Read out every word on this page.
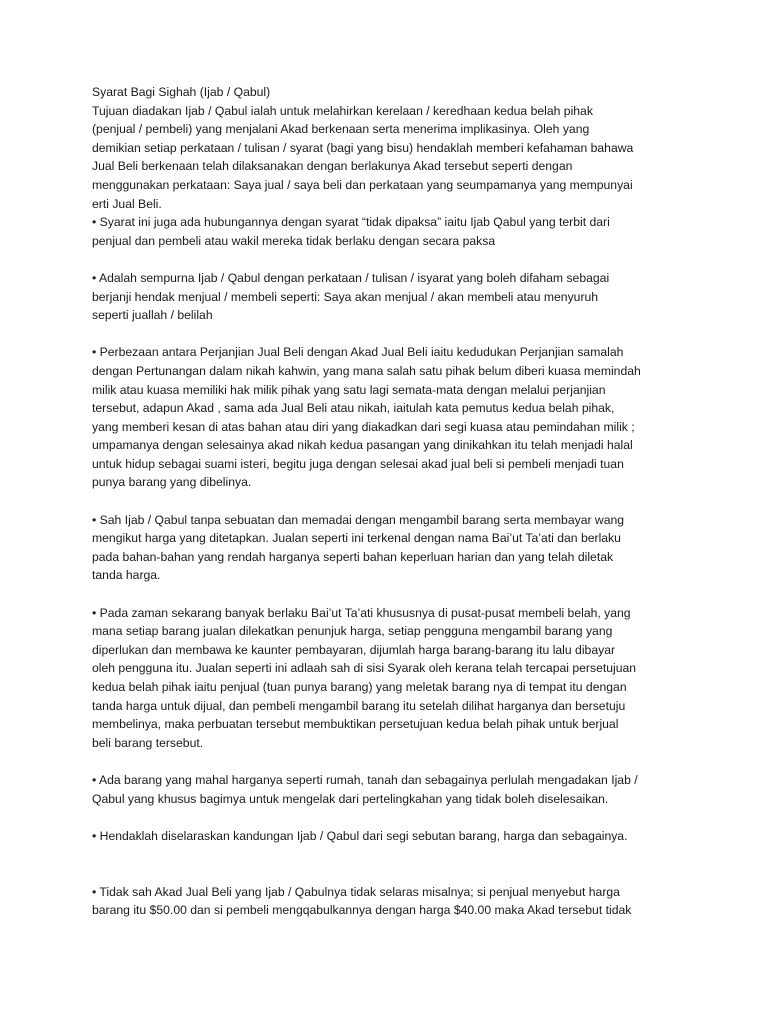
Syarat Bagi Sighah (Ijab / Qabul)
Tujuan diadakan Ijab / Qabul ialah untuk melahirkan kerelaan / keredhaan kedua belah pihak
(penjual / pembeli) yang menjalani Akad berkenaan serta menerima implikasinya. Oleh yang
demikian setiap perkataan / tulisan / syarat (bagi yang bisu) hendaklah memberi kefahaman bahawa
Jual Beli berkenaan telah dilaksanakan dengan berlakunya Akad tersebut seperti dengan
menggunakan perkataan: Saya jual / saya beli dan perkataan yang seumpamanya yang mempunyai
erti Jual Beli.
• Syarat ini juga ada hubungannya dengan syarat “tidak dipaksa” iaitu Ijab Qabul yang terbit dari
penjual dan pembeli atau wakil mereka tidak berlaku dengan secara paksa
• Adalah sempurna Ijab / Qabul dengan perkataan / tulisan / isyarat yang boleh difaham sebagai
berjanji hendak menjual / membeli seperti: Saya akan menjual / akan membeli atau menyuruh
seperti juallah / belilah
• Perbezaan antara Perjanjian Jual Beli dengan Akad Jual Beli iaitu kedudukan Perjanjian samalah
dengan Pertunangan dalam nikah kahwin, yang mana salah satu pihak belum diberi kuasa memindah
milik atau kuasa memiliki hak milik pihak yang satu lagi semata-mata dengan melalui perjanjian
tersebut, adapun Akad , sama ada Jual Beli atau nikah, iaitulah kata pemutus kedua belah pihak,
yang memberi kesan di atas bahan atau diri yang diakadkan dari segi kuasa atau pemindahan milik ;
umpamanya dengan selesainya akad nikah kedua pasangan yang dinikahkan itu telah menjadi halal
untuk hidup sebagai suami isteri, begitu juga dengan selesai akad jual beli si pembeli menjadi tuan
punya barang yang dibelinya.
• Sah Ijab / Qabul tanpa sebuatan dan memadai dengan mengambil barang serta membayar wang
mengikut harga yang ditetapkan. Jualan seperti ini terkenal dengan nama Bai’ut Ta’ati dan berlaku
pada bahan-bahan yang rendah harganya seperti bahan keperluan harian dan yang telah diletak
tanda harga.
• Pada zaman sekarang banyak berlaku Bai’ut Ta’ati khususnya di pusat-pusat membeli belah, yang
mana setiap barang jualan dilekatkan penunjuk harga, setiap pengguna mengambil barang yang
diperlukan dan membawa ke kaunter pembayaran, dijumlah harga barang-barang itu lalu dibayar
oleh pengguna itu. Jualan seperti ini adlaah sah di sisi Syarak oleh kerana telah tercapai persetujuan
kedua belah pihak iaitu penjual (tuan punya barang) yang meletak barang nya di tempat itu dengan
tanda harga untuk dijual, dan pembeli mengambil barang itu setelah dilihat harganya dan bersetuju
membelinya, maka perbuatan tersebut membuktikan persetujuan kedua belah pihak untuk berjual
beli barang tersebut.
• Ada barang yang mahal harganya seperti rumah, tanah dan sebagainya perlulah mengadakan Ijab /
Qabul yang khusus bagimya untuk mengelak dari pertelingkahan yang tidak boleh diselesaikan.
• Hendaklah diselaraskan kandungan Ijab / Qabul dari segi sebutan barang, harga dan sebagainya.
• Tidak sah Akad Jual Beli yang Ijab / Qabulnya tidak selaras misalnya; si penjual menyebut harga
barang itu $50.00 dan si pembeli mengqabulkannya dengan harga $40.00 maka Akad tersebut tidak
